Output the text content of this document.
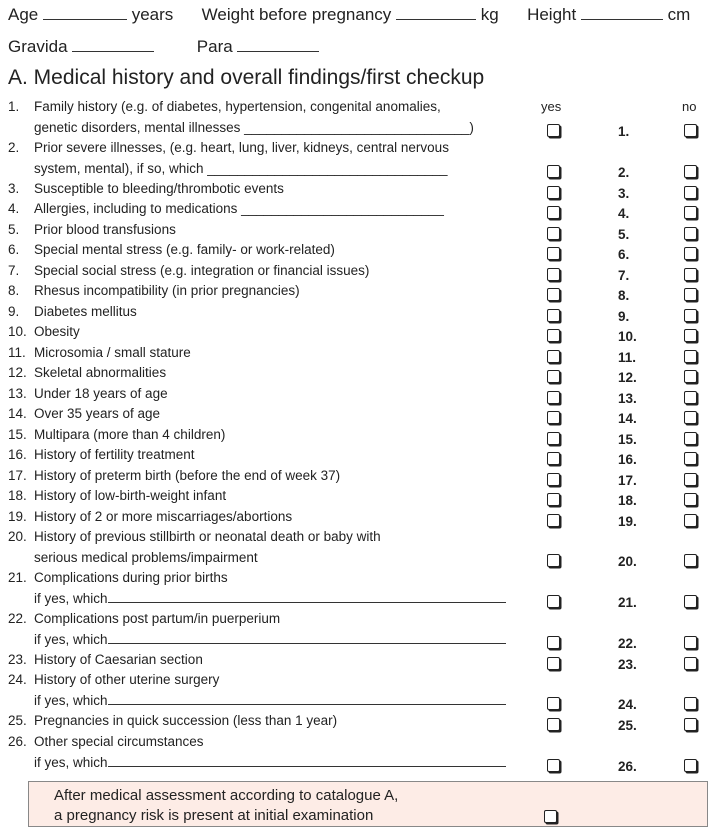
Age	years Weight before pregnancy	kg Height	cm
Gravida	Para
A. Medical history and overall findings/first checkup
yes	no
1. Family history (e.g. of diabetes, hypertension, congenital anomalies,
genetic disorders, mental illnesses ______________________________)	1.
2. Prior severe illnesses, (e.g. heart, lung, liver, kidneys, central nervous
system, mental), if so, which ________________________________	2.
3. Susceptible to bleeding/thrombotic events	3.
4. Allergies, including to medications ___________________________	4.
5. Prior blood transfusions	5.
6. Special mental stress (e.g. family- or work-related)	6.
7. Special social stress (e.g. integration or financial issues)	7.
8. Rhesus incompatibility (in prior pregnancies)	8.
9. Diabetes mellitus	9.
10. Obesity	10.
11. Microsomia / small stature	11.
12. Skeletal abnormalities	12.
13. Under 18 years of age	13.
14. Over 35 years of age	14.
15. Multipara (more than 4 children)	15.
16. History of fertility treatment	16.
17. History of preterm birth (before the end of week 37)	17.
18. History of low-birth-weight infant	18.
19. History of 2 or more miscarriages/abortions	19.
20. History of previous stillbirth or neonatal death or baby with
serious medical problems/impairment	20.
21. Complications during prior births
if yes, which	21.
22. Complications post partum/in puerperium
if yes, which	22.
23. History of Caesarian section	23.
24. History of other uterine surgery
if yes, which	24.
25. Pregnancies in quick succession (less than 1 year)	25.
26. Other special circumstances
if yes, which	26.
After medical assessment according to catalogue A,
a pregnancy risk is present at initial examination
